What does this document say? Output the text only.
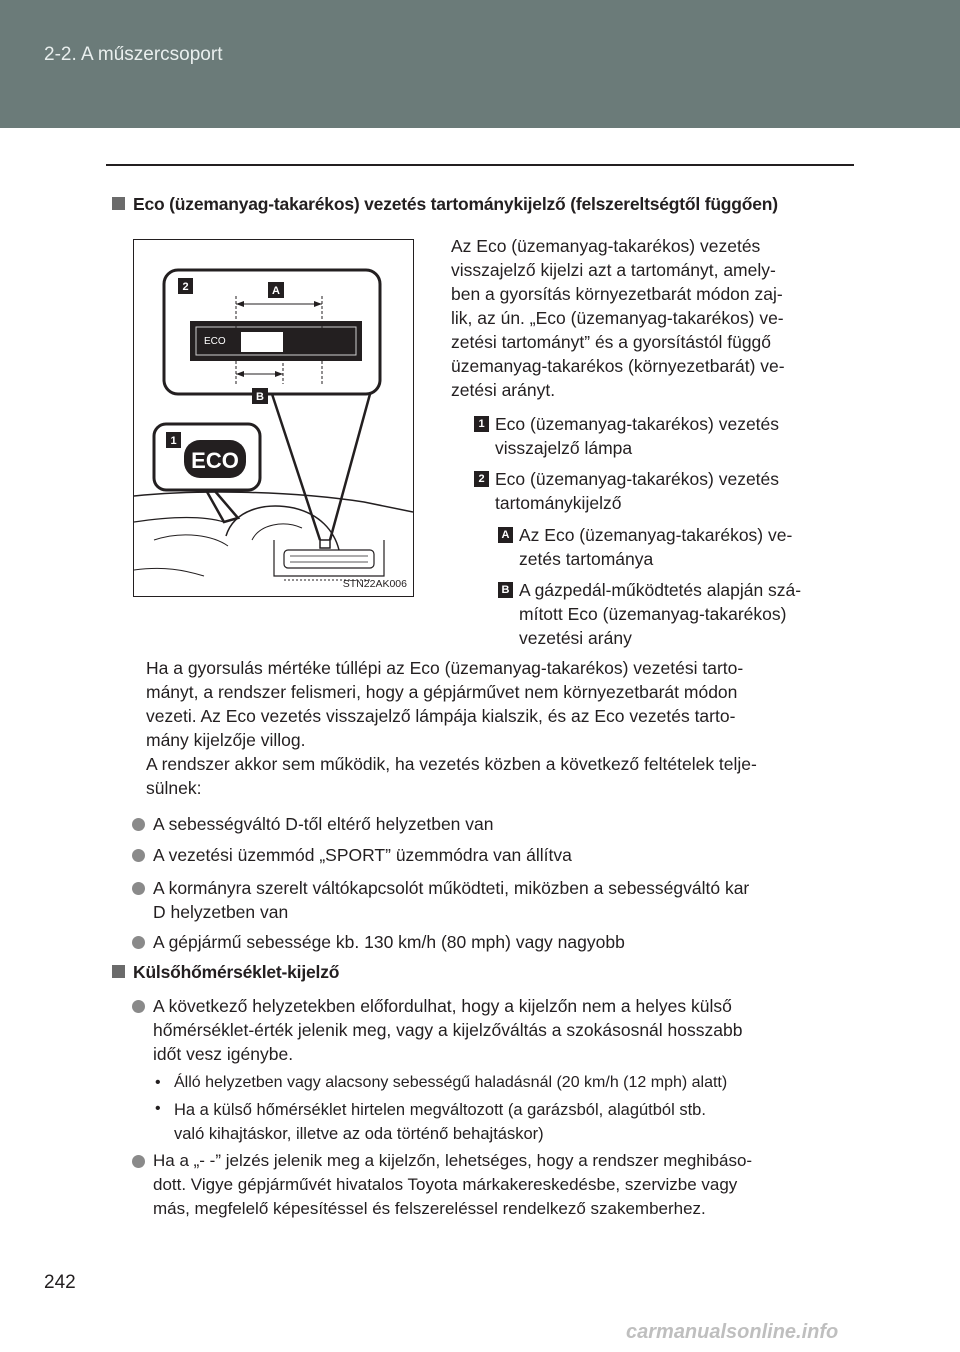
2-2. A műszercsoport
Eco (üzemanyag-takarékos) vezetés tartománykijelző (felszereltségtől függően)
2	A
ECO
B
1
ECO
STN22AK006
Az Eco (üzemanyag-takarékos) vezetés
visszajelző kijelzi azt a tartományt, amely-
ben a gyorsítás környezetbarát módon zaj-
lik, az ún. „Eco (üzemanyag-takarékos) ve-
zetési tartományt” és a gyorsítástól függő
üzemanyag-takarékos (környezetbarát) ve-
zetési arányt.
1 Eco (üzemanyag-takarékos) vezetés
visszajelző lámpa
2 Eco (üzemanyag-takarékos) vezetés
tartománykijelző
A Az Eco (üzemanyag-takarékos) ve-
zetés tartománya
B A gázpedál-működtetés alapján szá-
mított Eco (üzemanyag-takarékos)
vezetési arány
Ha a gyorsulás mértéke túllépi az Eco (üzemanyag-takarékos) vezetési tarto-
mányt, a rendszer felismeri, hogy a gépjárművet nem környezetbarát módon
vezeti. Az Eco vezetés visszajelző lámpája kialszik, és az Eco vezetés tarto-
mány kijelzője villog.
A rendszer akkor sem működik, ha vezetés közben a következő feltételek telje-
sülnek:
A sebességváltó D-től eltérő helyzetben van
A vezetési üzemmód „SPORT” üzemmódra van állítva
A kormányra szerelt váltókapcsolót működteti, miközben a sebességváltó kar
D helyzetben van
A gépjármű sebessége kb. 130 km/h (80 mph) vagy nagyobb
Külsőhőmérséklet-kijelző
A következő helyzetekben előfordulhat, hogy a kijelzőn nem a helyes külső
hőmérséklet-érték jelenik meg, vagy a kijelzőváltás a szokásosnál hosszabb
időt vesz igénybe.
• Álló helyzetben vagy alacsony sebességű haladásnál (20 km/h (12 mph) alatt)
• Ha a külső hőmérséklet hirtelen megváltozott (a garázsból, alagútból stb.
való kihajtáskor, illetve az oda történő behajtáskor)
Ha a „- -” jelzés jelenik meg a kijelzőn, lehetséges, hogy a rendszer meghibáso-
dott. Vigye gépjárművét hivatalos Toyota márkakereskedésbe, szervizbe vagy
más, megfelelő képesítéssel és felszereléssel rendelkező szakemberhez.
242
carmanualsonline.info
